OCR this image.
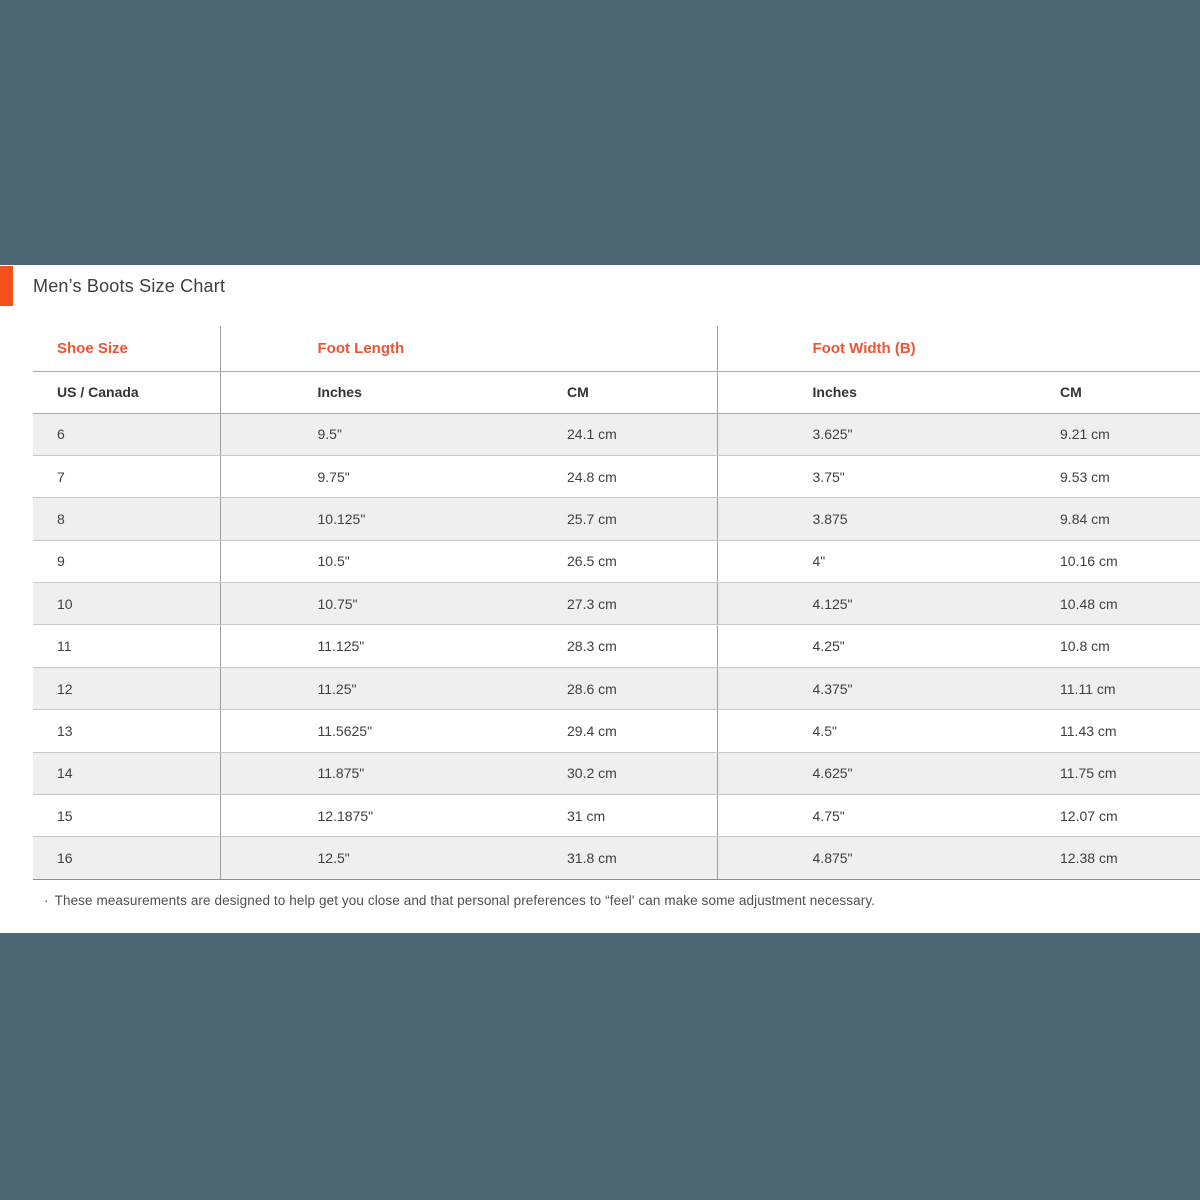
Men’s Boots Size Chart
Shoe Size	Foot Length		Foot Width (B)	
US / Canada	Inches	CM	Inches	CM
6	9.5"	24.1 cm	3.625"	9.21 cm
7	9.75"	24.8 cm	3.75"	9.53 cm
8	10.125"	25.7 cm	3.875	9.84 cm
9	10.5"	26.5 cm	4"	10.16 cm
10	10.75"	27.3 cm	4.125"	10.48 cm
11	11.125"	28.3 cm	4.25"	10.8 cm
12	11.25"	28.6 cm	4.375"	11.11 cm
13	11.5625"	29.4 cm	4.5"	11.43 cm
14	11.875"	30.2 cm	4.625"	11.75 cm
15	12.1875"	31 cm	4.75"	12.07 cm
16	12.5"	31.8 cm	4.875"	12.38 cm

· These measurements are designed to help get you close and that personal preferences to “feel' can make some adjustment necessary.
